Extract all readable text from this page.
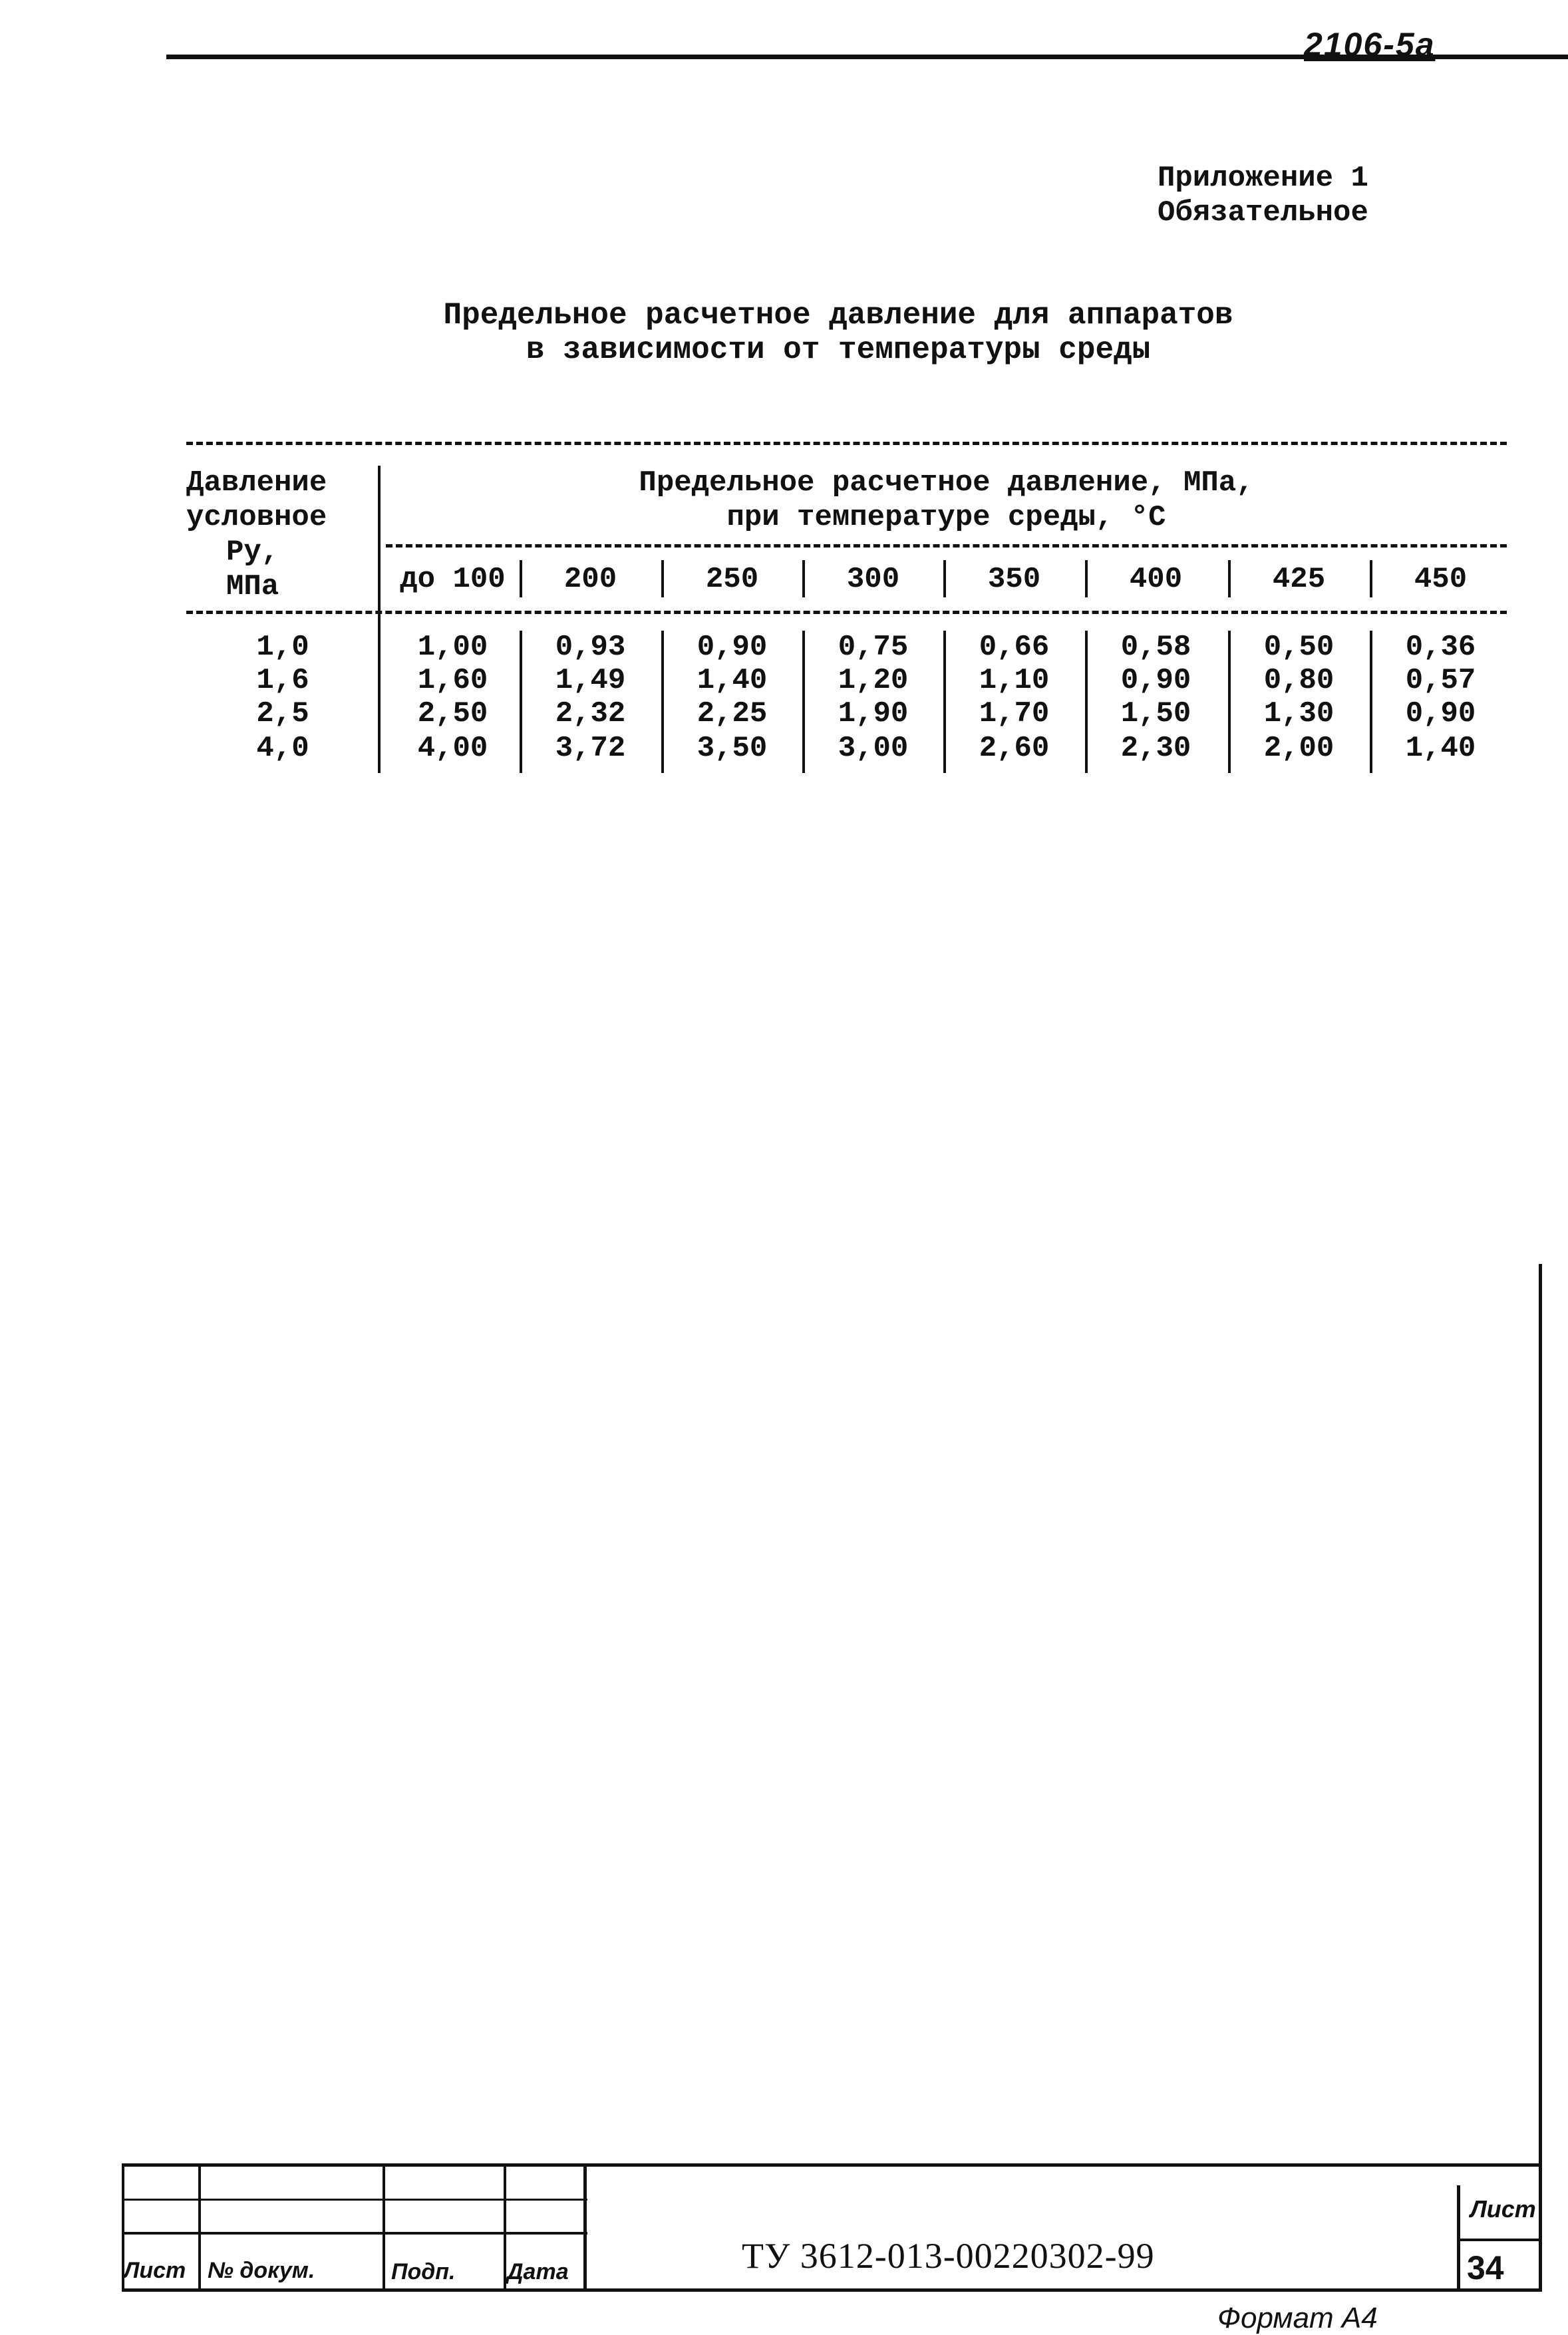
2106-5a
Приложение 1
Обязательное
Предельное расчетное давление для аппаратов
в зависимости от температуры среды
Давление
условное
Ру,
МПа
Предельное расчетное давление, МПа,
при температуре среды, °С
до 100	200	250	300	350	400	425	450
1,0	1,00	0,93	0,90	0,75	0,66	0,58	0,50	0,36
1,6	1,60	1,49	1,40	1,20	1,10	0,90	0,80	0,57
2,5	2,50	2,32	2,25	1,90	1,70	1,50	1,30	0,90
4,0	4,00	3,72	3,50	3,00	2,60	2,30	2,00	1,40
Лист № докум.	Подп. Дата	ТУ 3612-013-00220302-99
Лист
34
Формат А4
